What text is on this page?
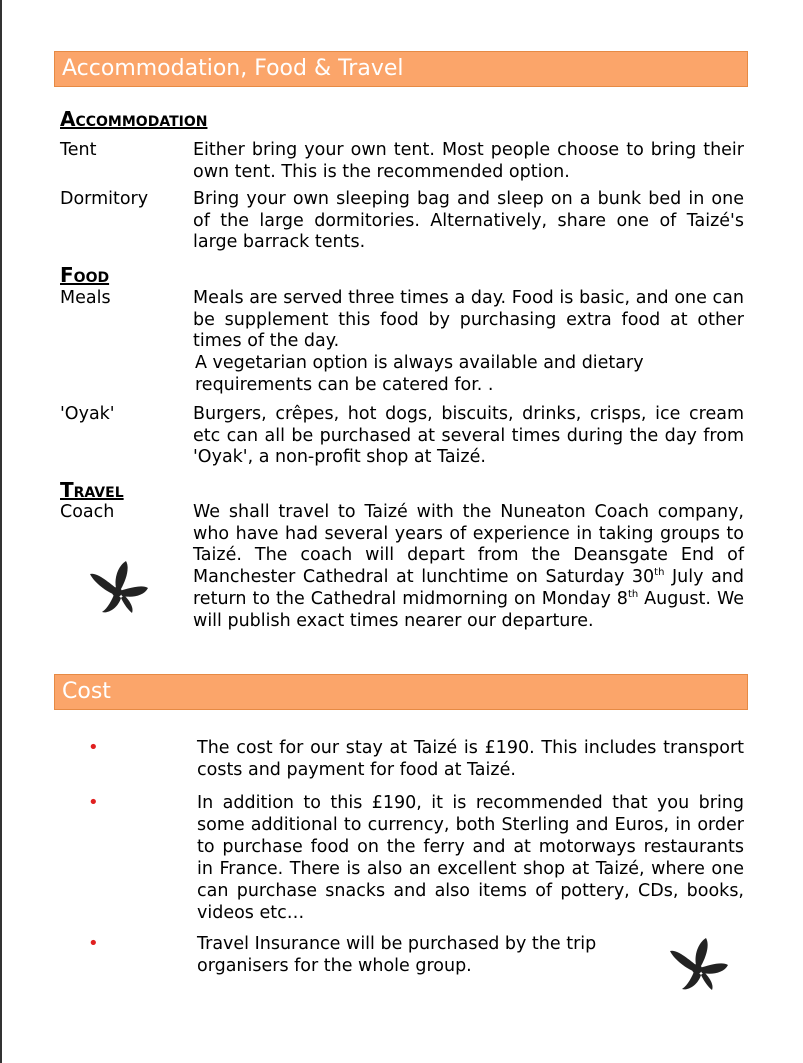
Accommodation, Food & Travel
Accommodation
Tent	Either bring your own tent. Most people choose to bring their own tent. This is the recommended option.

Dormitory	Bring your own sleeping bag and sleep on a bunk bed in one of the large dormitories. Alternatively, share one of Taizé's large barrack tents.

Food
Meals	Meals are served three times a day. Food is basic, and one can be supplement this food by purchasing extra food at other times of the day.

A vegetarian option is always available and dietary requirements can be catered for. .

'Oyak'	Burgers, crêpes, hot dogs, biscuits, drinks, crisps, ice cream etc can all be purchased at several times during the day from 'Oyak', a non-profit shop at Taizé.

Travel
Coach	We shall travel to Taizé with the Nuneaton Coach company, who have had several years of experience in taking groups to Taizé. The coach will depart from the Deansgate End of Manchester Cathedral at lunchtime on Saturday 30th July and return to the Cathedral midmorning on Monday 8th August. We will publish exact times nearer our departure.

Cost
•	The cost for our stay at Taizé is £190. This includes transport costs and payment for food at Taizé.
•	In addition to this £190, it is recommended that you bring some additional to currency, both Sterling and Euros, in order to purchase food on the ferry and at motorways restaurants in France. There is also an excellent shop at Taizé, where one can purchase snacks and also items of pottery, CDs, books, videos etc…
•	Travel Insurance will be purchased by the trip organisers for the whole group.
